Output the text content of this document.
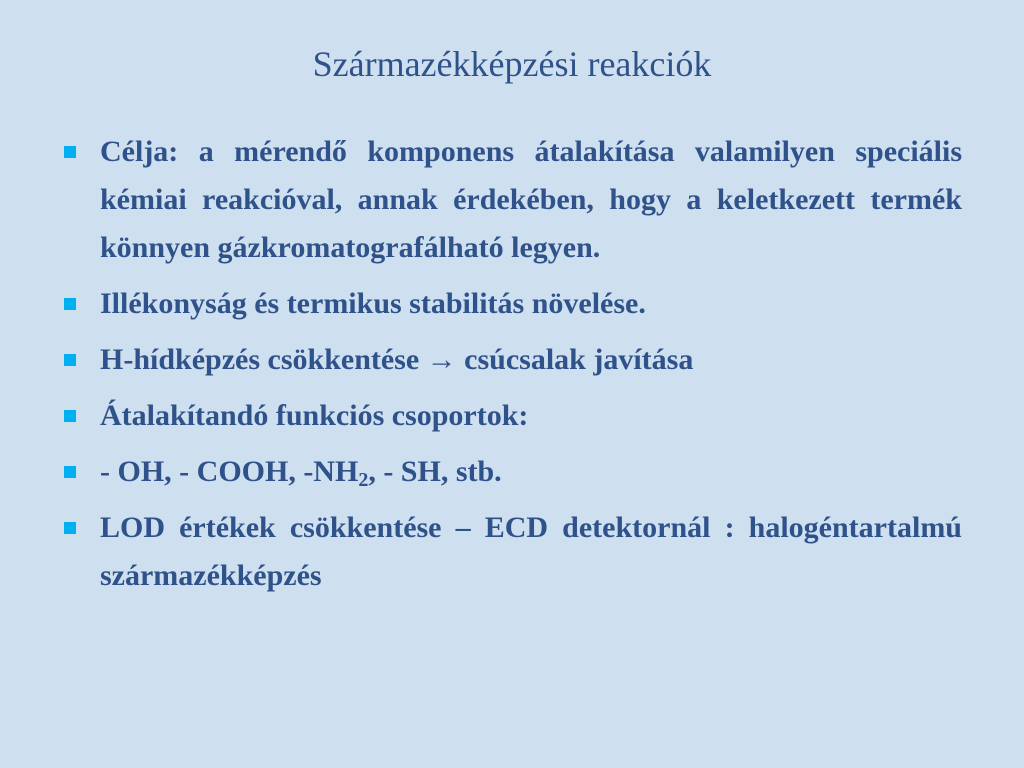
Származékképzési reakciók
Célja: a mérendő komponens átalakítása valamilyen speciális kémiai reakcióval, annak érdekében, hogy a keletkezett termék könnyen gázkromatografálható legyen.
Illékonyság és termikus stabilitás növelése.
H-hídképzés csökkentése → csúcsalak javítása
Átalakítandó funkciós csoportok:
- OH, - COOH, $-NH_2$, - SH, stb.
LOD értékek csökkentése – ECD detektornál : halogéntartalmú származékképzés
